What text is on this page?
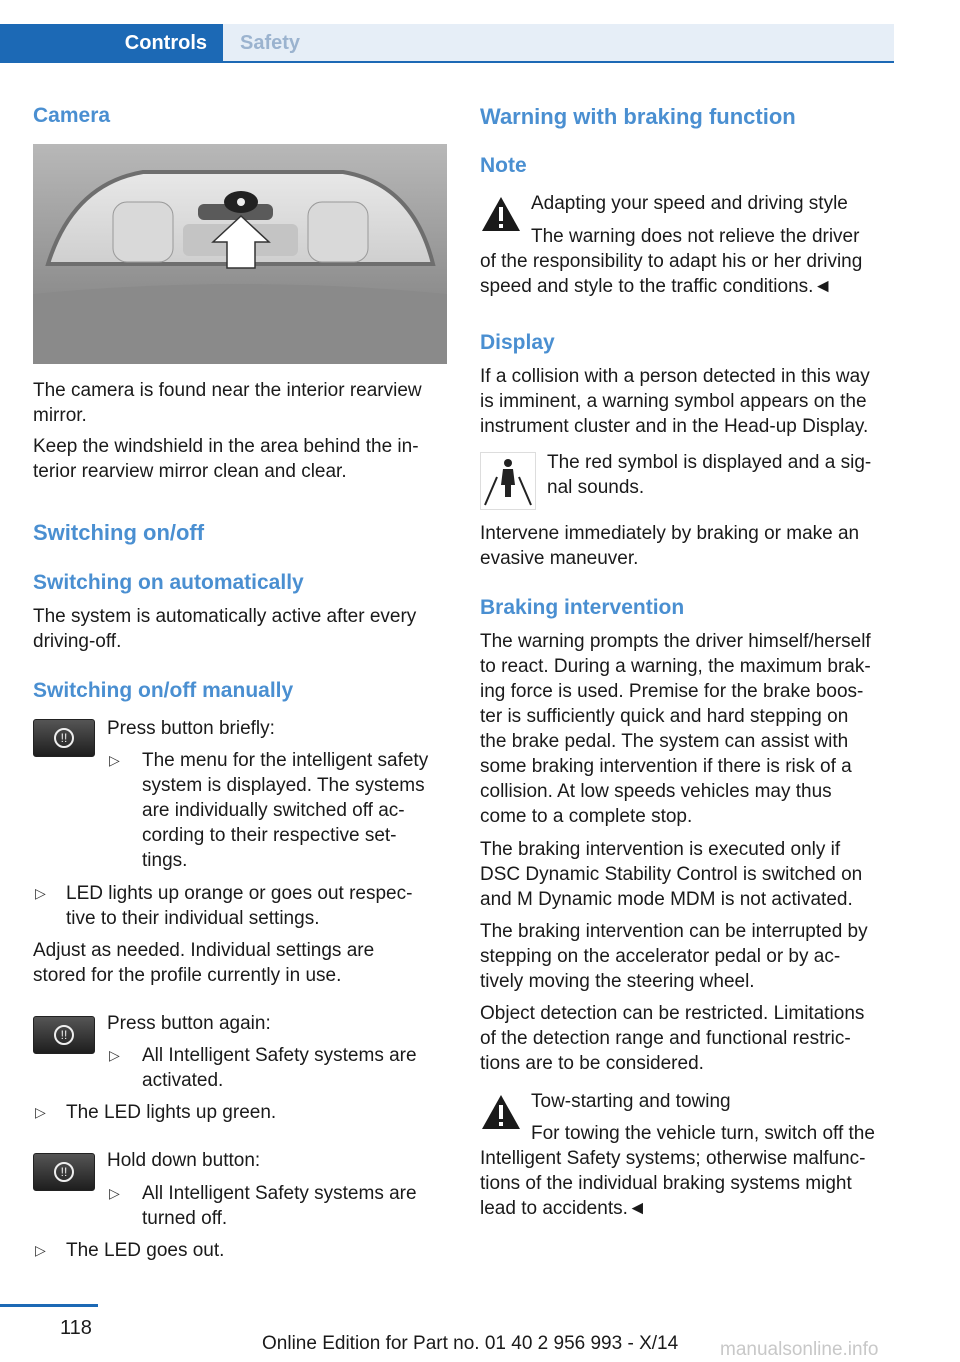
Controls	Safety
Camera

The camera is found near the interior rearview mirror.

Keep the windshield in the area behind the in-

terior rearview mirror clean and clear.

Switching on/off
Switching on automatically

The system is automatically active after every driving-off.

Switching on/off manually
!!	Press button briefly:

▷ The menu for the intelligent safety

system is displayed. The systems

are individually switched off ac-

cording to their respective set-

tings.

▷ LED lights up orange or goes out respec-

tive to their individual settings.

Adjust as needed. Individual settings are

stored for the profile currently in use.

!!

Press button again:

▷ All Intelligent Safety systems are

activated.

▷ The LED lights up green.

!!

Hold down button:

▷ All Intelligent Safety systems are

turned off.

▷ The LED goes out.

Warning with braking function
Note

Adapting your speed and driving style

The warning does not relieve the driver

of the responsibility to adapt his or her driving

speed and style to the traffic conditions.◄

Display

If a collision with a person detected in this way

is imminent, a warning symbol appears on the

instrument cluster and in the Head-up Display.

The red symbol is displayed and a sig-

nal sounds.

Intervene immediately by braking or make an

evasive maneuver.

Braking intervention

The warning prompts the driver himself/herself

to react. During a warning, the maximum brak-

ing force is used. Premise for the brake boos-

ter is sufficiently quick and hard stepping on

the brake pedal. The system can assist with

some braking intervention if there is risk of a

collision. At low speeds vehicles may thus

come to a complete stop.

The braking intervention is executed only if

DSC Dynamic Stability Control is switched on

and M Dynamic mode MDM is not activated.

The braking intervention can be interrupted by

stepping on the accelerator pedal or by ac-

tively moving the steering wheel.

Object detection can be restricted. Limitations

of the detection range and functional restric-

tions are to be considered.

Tow-starting and towing

For towing the vehicle turn, switch off the

Intelligent Safety systems; otherwise malfunc-

tions of the individual braking systems might

lead to accidents.◄

118

Online Edition for Part no. 01 40 2 956 993 - X/14 manualsonline.info
